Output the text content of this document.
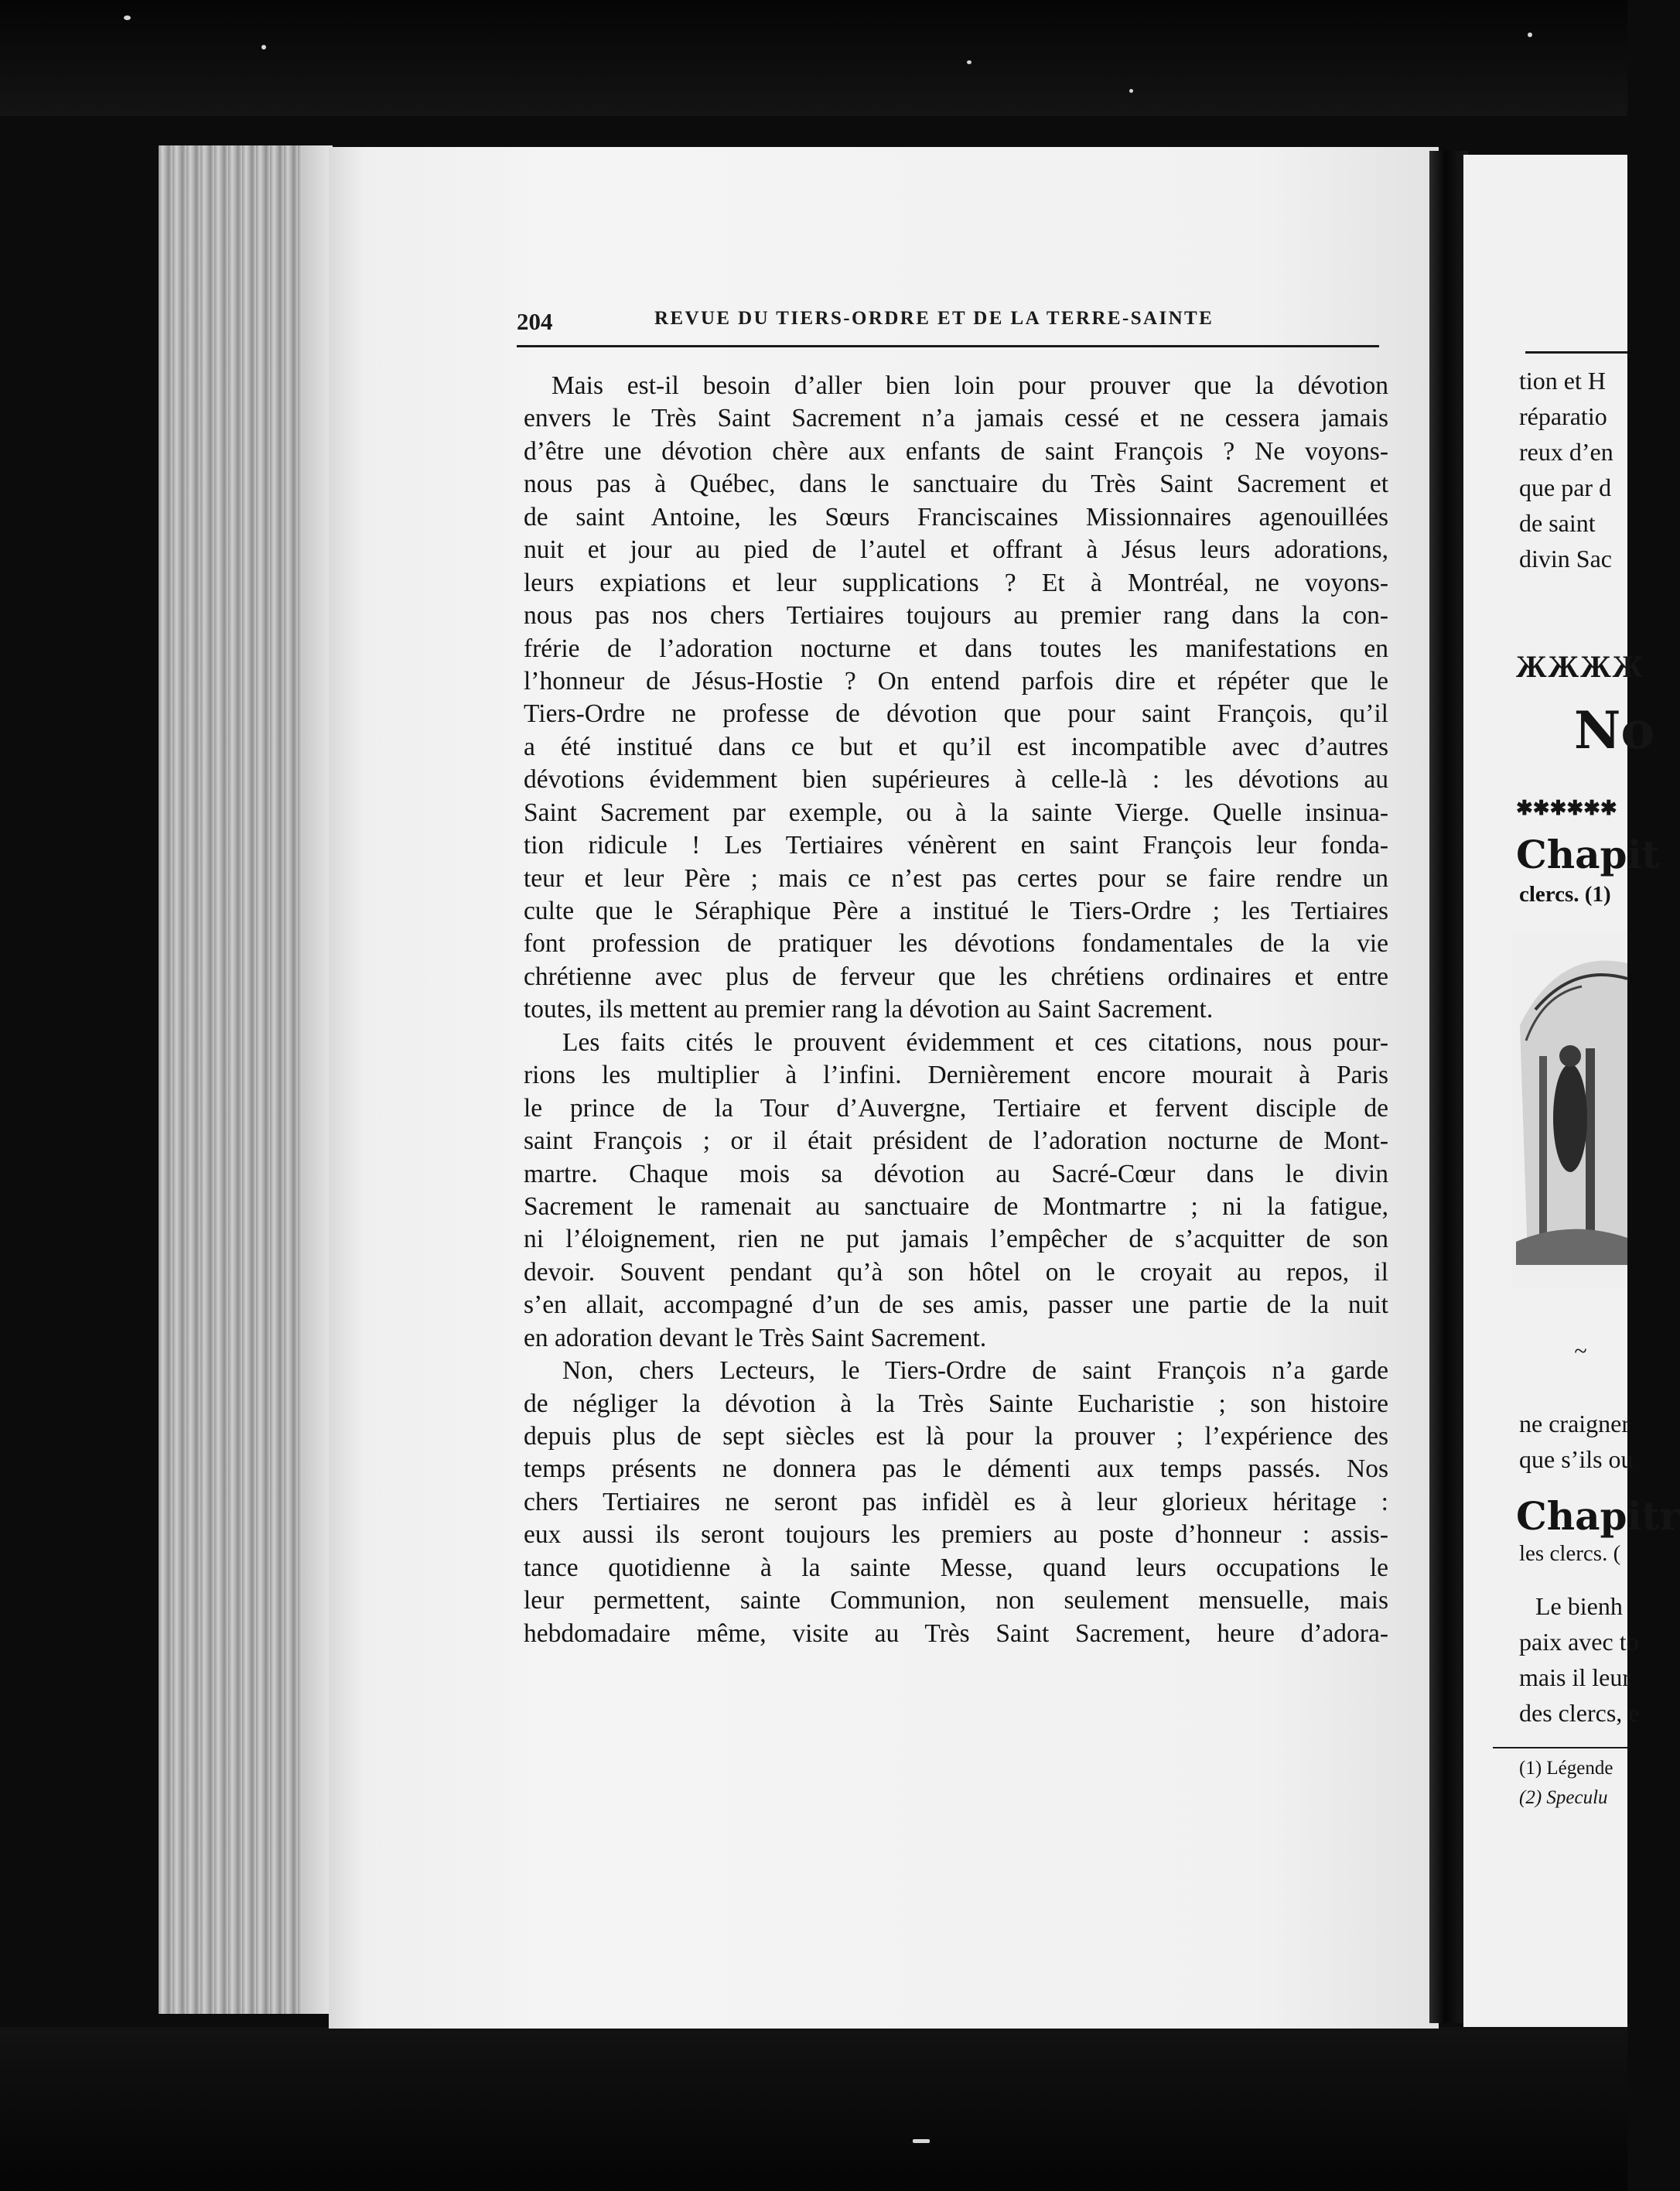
204	REVUE DU TIERS-ORDRE ET DE LA TERRE-SAINTE
Mais est-il besoin d’aller bien loin pour prouver que la dévotion
envers le Très Saint Sacrement n’a jamais cessé et ne cessera jamais
d’être une dévotion chère aux enfants de saint François ? Ne voyons-
nous pas à Québec, dans le sanctuaire du Très Saint Sacrement et
de saint Antoine, les Sœurs Franciscaines Missionnaires agenouillées
nuit et jour au pied de l’autel et offrant à Jésus leurs adorations,
leurs expiations et leur supplications ? Et à Montréal, ne voyons-
nous pas nos chers Tertiaires toujours au premier rang dans la con-
frérie de l’adoration nocturne et dans toutes les manifestations en
l’honneur de Jésus-Hostie ? On entend parfois dire et répéter que le
Tiers-Ordre ne professe de dévotion que pour saint François, qu’il
a été institué dans ce but et qu’il est incompatible avec d’autres
dévotions évidemment bien supérieures à celle-là : les dévotions au
Saint Sacrement par exemple, ou à la sainte Vierge. Quelle insinua-
tion ridicule ! Les Tertiaires vénèrent en saint François leur fonda-
teur et leur Père ; mais ce n’est pas certes pour se faire rendre un
culte que le Séraphique Père a institué le Tiers-Ordre ; les Tertiaires
font profession de pratiquer les dévotions fondamentales de la vie
chrétienne avec plus de ferveur que les chrétiens ordinaires et entre
toutes, ils mettent au premier rang la dévotion au Saint Sacrement.
Les faits cités le prouvent évidemment et ces citations, nous pour-
rions les multiplier à l’infini. Dernièrement encore mourait à Paris
le prince de la Tour d’Auvergne, Tertiaire et fervent disciple de
saint François ; or il était président de l’adoration nocturne de Mont-
martre. Chaque mois sa dévotion au Sacré-Cœur dans le divin
Sacrement le ramenait au sanctuaire de Montmartre ; ni la fatigue,
ni l’éloignement, rien ne put jamais l’empêcher de s’acquitter de son
devoir. Souvent pendant qu’à son hôtel on le croyait au repos, il
s’en allait, accompagné d’un de ses amis, passer une partie de la nuit
en adoration devant le Très Saint Sacrement.
Non, chers Lecteurs, le Tiers-Ordre de saint François n’a garde
de négliger la dévotion à la Très Sainte Eucharistie ; son histoire
depuis plus de sept siècles est là pour la prouver ; l’expérience des
temps présents ne donnera pas le démenti aux temps passés. Nos
chers Tertiaires ne seront pas infidèl es à leur glorieux héritage :
eux aussi ils seront toujours les premiers au poste d’honneur : assis-
tance quotidienne à la sainte Messe, quand leurs occupations le
leur permettent, sainte Communion, non seulement mensuelle, mais
hebdomadaire même, visite au Très Saint Sacrement, heure d’adora-
tion et H
réparatio
reux d’en
que par d
de saint
divin Sac
ЖЖЖЖ
No
✱✱✱✱✱✱
Chapit
clercs. (1)
~
ne craigner
que s’ils ou
Chapitr
les clercs. (
Le bienh
paix avec to
mais il leur
des clercs, e
(1) Légende
(2) Speculu
